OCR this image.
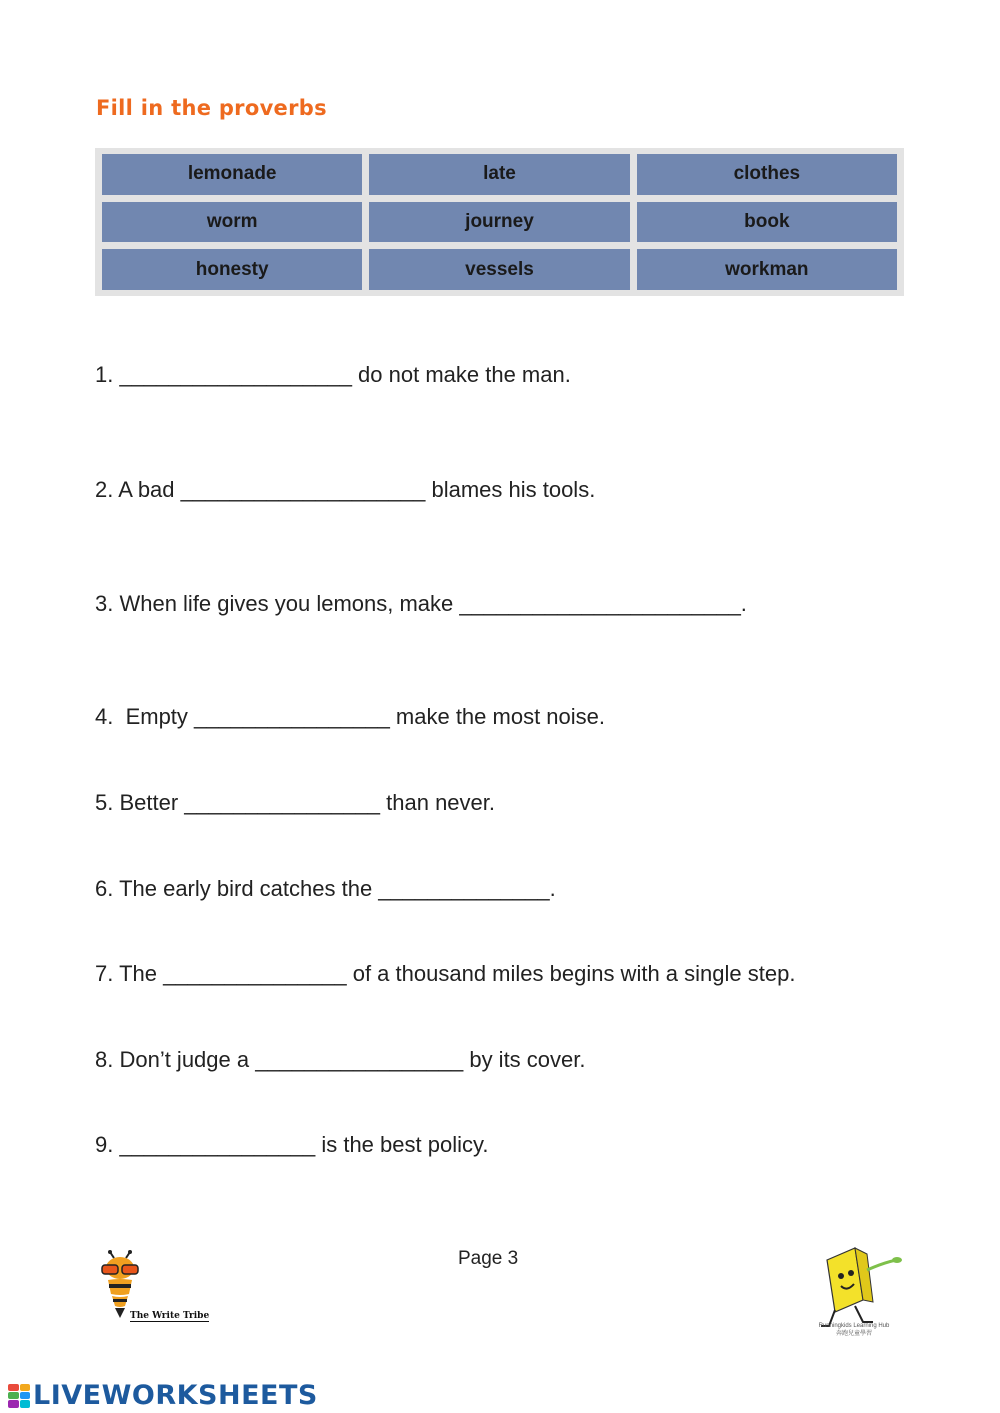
Fill in the proverbs
lemonade	late	clothes
worm	journey	book
honesty	vessels	workman
1. ___________________ do not make the man.
2. A bad ____________________ blames his tools.
3. When life gives you lemons, make _______________________.
4.  Empty ________________ make the most noise.
5. Better ________________ than never.
6. The early bird catches the ______________.
7. The _______________ of a thousand miles begins with a single step.
8. Don’t judge a _________________ by its cover.
9. ________________ is the best policy.
Page 3
The Write Tribe
Runningkids Learning Hub
奔跑兒童學習
LIVEWORKSHEETS
